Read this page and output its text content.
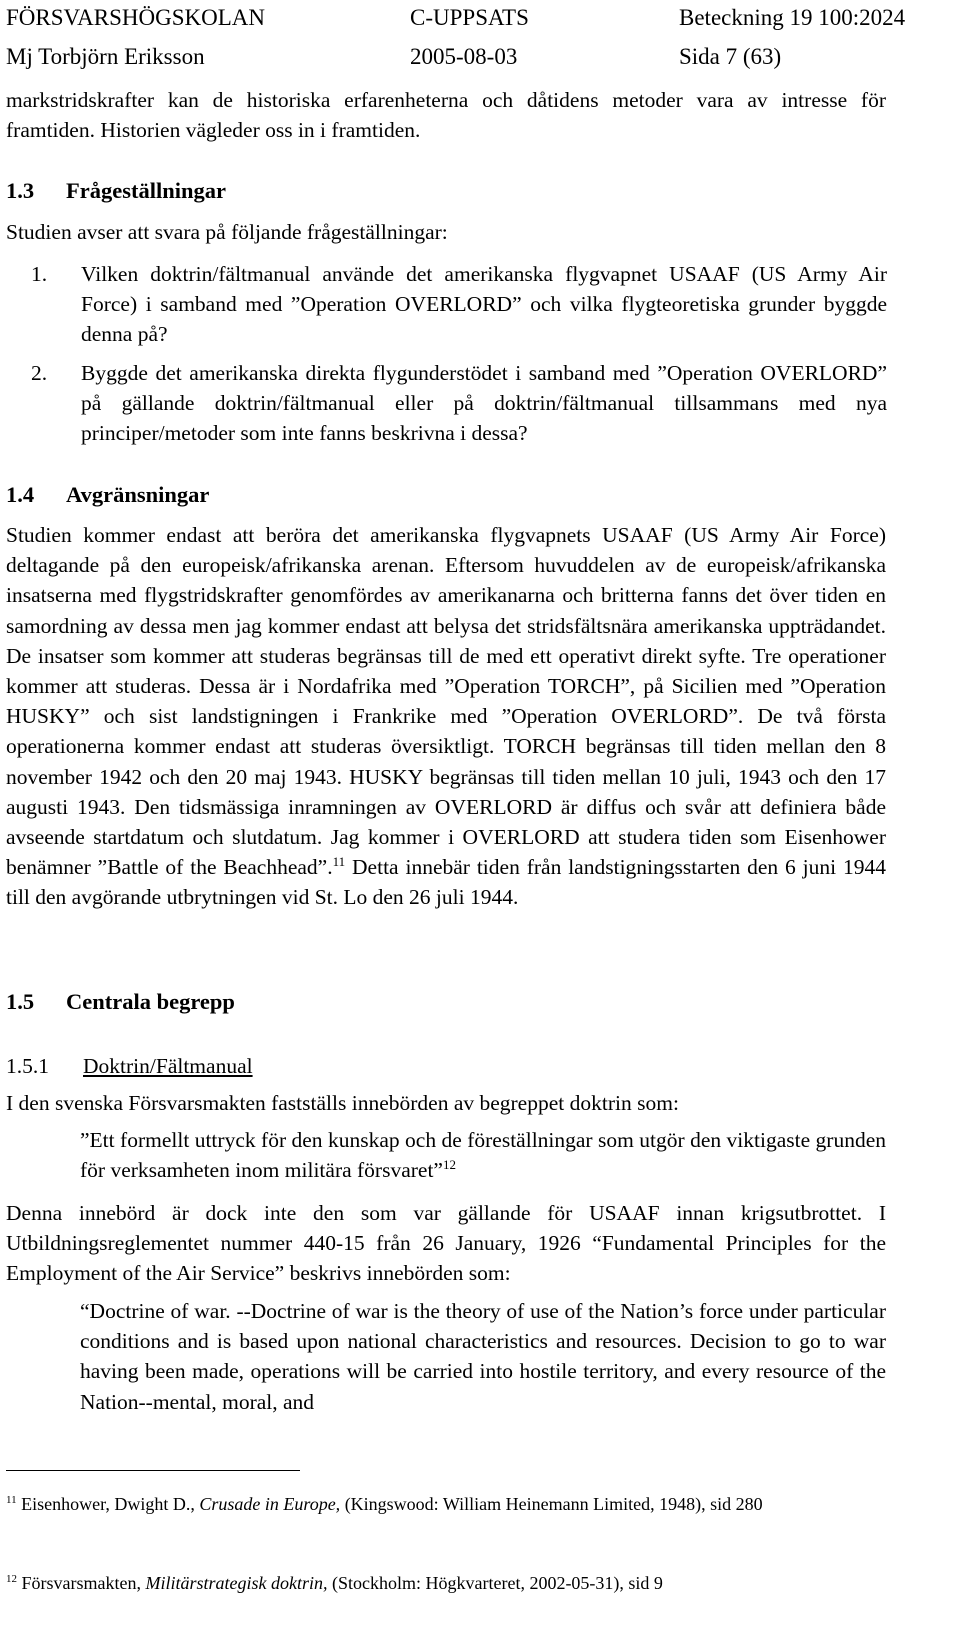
FÖRSVARSHÖGSKOLAN	C-UPPSATS	Beteckning 19 100:2024
Mj Torbjörn Eriksson	2005-08-03	Sida 7 (63)
markstridskrafter kan de historiska erfarenheterna och dåtidens metoder vara av intresse för framtiden. Historien vägleder oss in i framtiden.
1.3 Frågeställningar
Studien avser att svara på följande frågeställningar:
1.	Vilken doktrin/fältmanual använde det amerikanska flygvapnet USAAF (US Army Air Force) i samband med ”Operation OVERLORD” och vilka flygteoretiska grunder byggde denna på?
2.	Byggde det amerikanska direkta flygunderstödet i samband med ”Operation OVERLORD” på gällande doktrin/fältmanual eller på doktrin/fältmanual tillsammans med nya principer/metoder som inte fanns beskrivna i dessa?
1.4 Avgränsningar
Studien kommer endast att beröra det amerikanska flygvapnets USAAF (US Army Air Force) deltagande på den europeisk/afrikanska arenan. Eftersom huvuddelen av de europeisk/afrikanska insatserna med flygstridskrafter genomfördes av amerikanarna och britterna fanns det över tiden en samordning av dessa men jag kommer endast att belysa det stridsfältsnära amerikanska uppträdandet. De insatser som kommer att studeras begränsas till de med ett operativt direkt syfte. Tre operationer kommer att studeras. Dessa är i Nordafrika med ”Operation TORCH”, på Sicilien med ”Operation HUSKY” och sist landstigningen i Frankrike med ”Operation OVERLORD”. De två första operationerna kommer endast att studeras översiktligt. TORCH begränsas till tiden mellan den 8 november 1942 och den 20 maj 1943. HUSKY begränsas till tiden mellan 10 juli, 1943 och den 17 augusti 1943. Den tidsmässiga inramningen av OVERLORD är diffus och svår att definiera både avseende startdatum och slutdatum. Jag kommer i OVERLORD att studera tiden som Eisenhower benämner ”Battle of the Beachhead”.$^{11}$ Detta innebär tiden från landstigningsstarten den 6 juni 1944 till den avgörande utbrytningen vid St. Lo den 26 juli 1944.
1.5 Centrala begrepp
1.5.1 Doktrin/Fältmanual
I den svenska Försvarsmakten fastställs innebörden av begreppet doktrin som:
”Ett formellt uttryck för den kunskap och de föreställningar som utgör den viktigaste grunden för verksamheten inom militära försvaret”$^{12}$
Denna innebörd är dock inte den som var gällande för USAAF innan krigsutbrottet. I Utbildningsreglementet nummer 440-15 från 26 January, 1926 “Fundamental Principles for the Employment of the Air Service” beskrivs innebörden som:
“Doctrine of war. --Doctrine of war is the theory of use of the Nation’s force under particular conditions and is based upon national characteristics and resources. Decision to go to war having been made, operations will be carried into hostile territory, and every resource of the Nation--mental, moral, and
$^{11}$ Eisenhower, Dwight D., Crusade in Europe, (Kingswood: William Heinemann Limited, 1948), sid 280
$^{12}$ Försvarsmakten, Militärstrategisk doktrin, (Stockholm: Högkvarteret, 2002-05-31), sid 9
